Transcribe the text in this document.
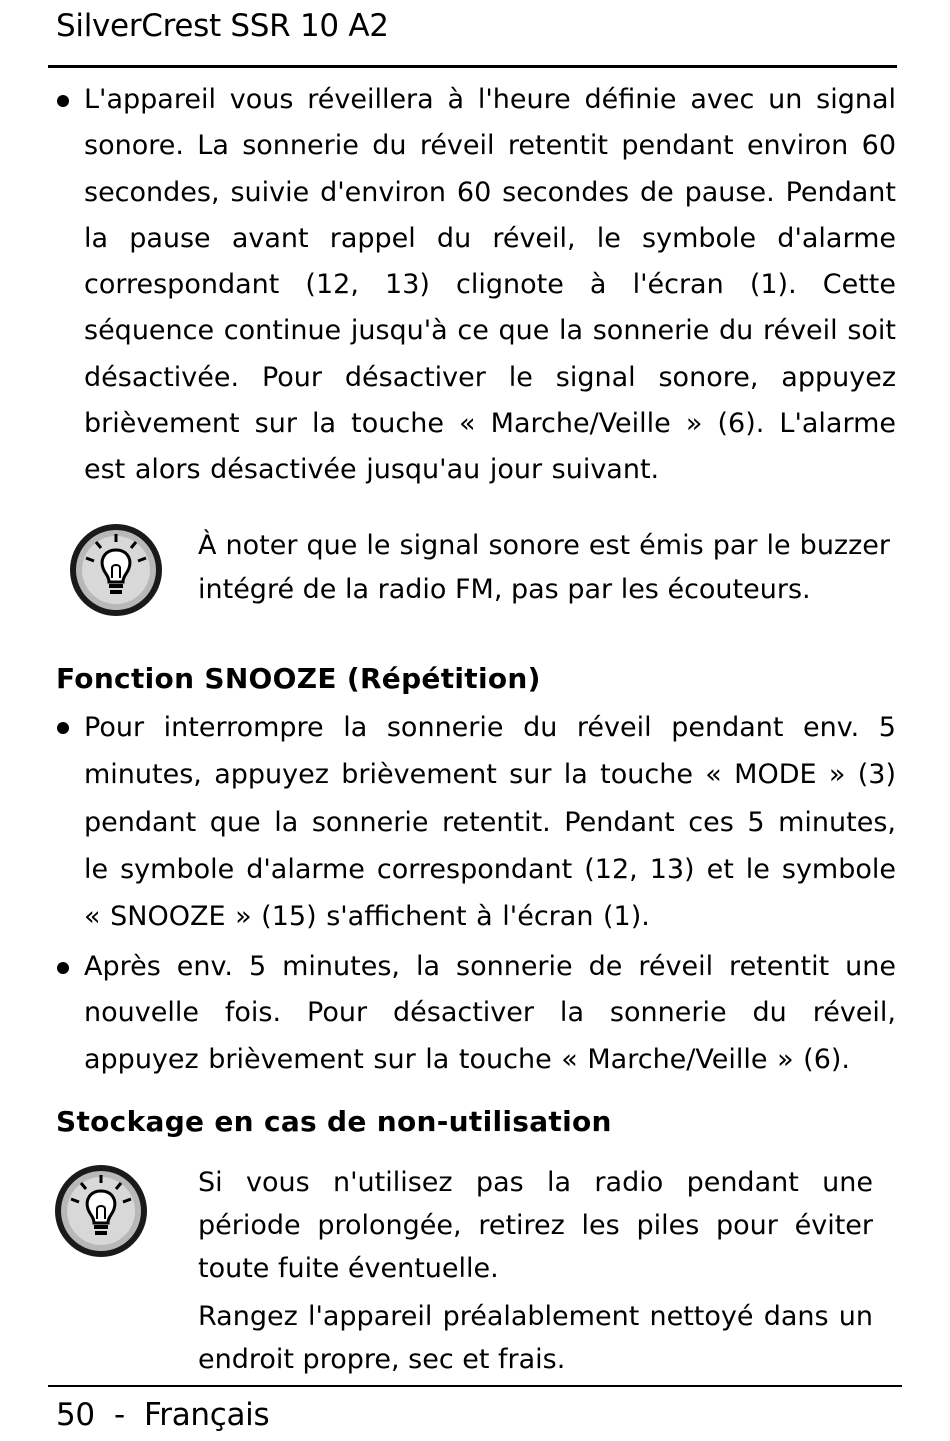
SilverCrest SSR 10 A2
L'appareil vous réveillera à l'heure définie avec un signal sonore. La sonnerie du réveil retentit pendant environ 60 secondes, suivie d'environ 60 secondes de pause. Pendant la pause avant rappel du réveil, le symbole d'alarme correspondant (12, 13) clignote à l'écran (1). Cette séquence continue jusqu'à ce que la sonnerie du réveil soit désactivée. Pour désactiver le signal sonore, appuyez brièvement sur la touche « Marche/Veille » (6). L'alarme est alors désactivée jusqu'au jour suivant.
À noter que le signal sonore est émis par le buzzer intégré de la radio FM, pas par les écouteurs.
Fonction SNOOZE (Répétition)
Pour interrompre la sonnerie du réveil pendant env. 5 minutes, appuyez brièvement sur la touche « MODE » (3) pendant que la sonnerie retentit. Pendant ces 5 minutes, le symbole d'alarme correspondant (12, 13) et le symbole « SNOOZE » (15) s'affichent à l'écran (1).
Après env. 5 minutes, la sonnerie de réveil retentit une nouvelle fois. Pour désactiver la sonnerie du réveil, appuyez brièvement sur la touche « Marche/Veille » (6).
Stockage en cas de non-utilisation
Si vous n'utilisez pas la radio pendant une période prolongée, retirez les piles pour éviter toute fuite éventuelle.
Rangez l'appareil préalablement nettoyé dans un endroit propre, sec et frais.
50 - Français
